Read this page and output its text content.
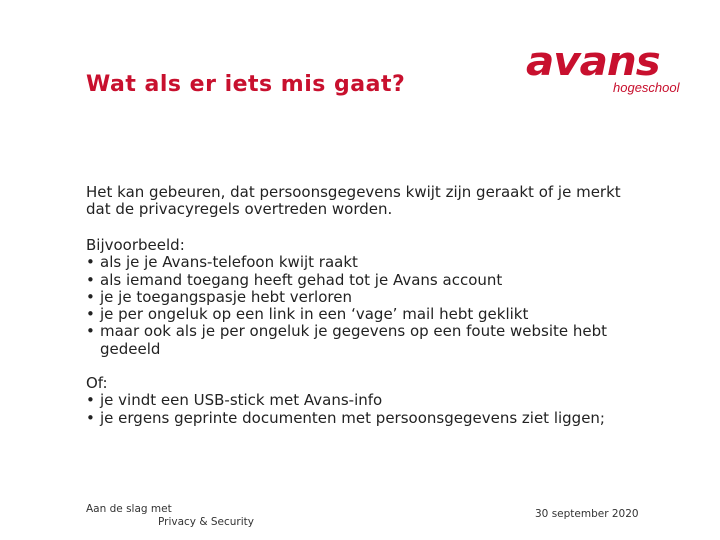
Wat als er iets mis gaat?	avans
hogeschool

Het kan gebeuren, dat persoonsgegevens kwijt zijn geraakt of je merkt dat de privacyregels overtreden worden.

Bijvoorbeeld:

• als je je Avans-telefoon kwijt raakt
• als iemand toegang heeft gehad tot je Avans account
• je je toegangspasje hebt verloren
• je per ongeluk op een link in een ‘vage’ mail hebt geklikt
• maar ook als je per ongeluk je gegevens op een foute website hebt gedeeld

Of:

• je vindt een USB-stick met Avans-info
• je ergens geprinte documenten met persoonsgegevens ziet liggen;
Aan de slag met
Privacy & Security
30 september 2020
